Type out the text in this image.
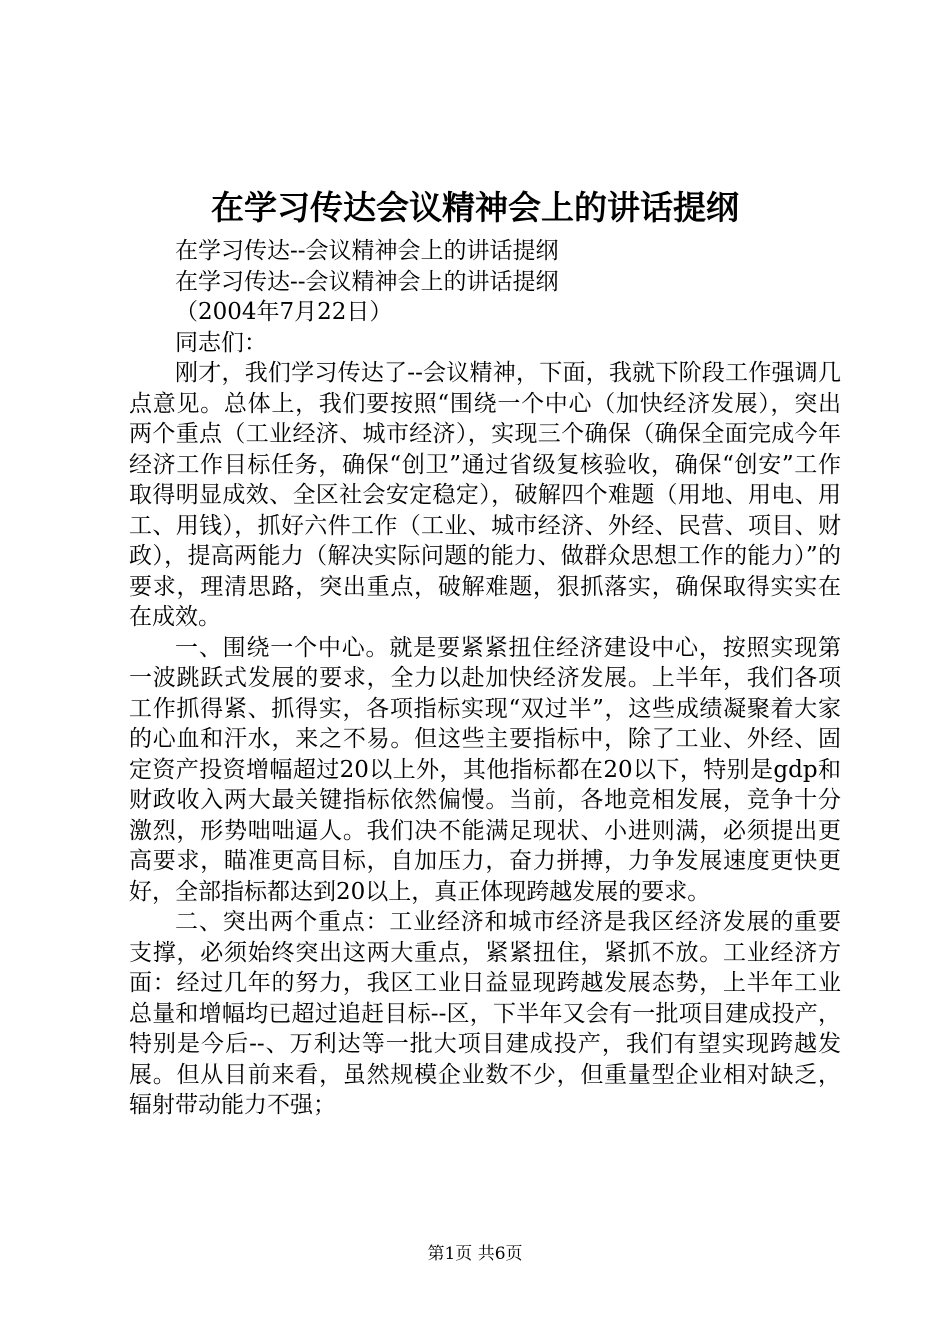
在学习传达会议精神会上的讲话提纲

在学习传达--会议精神会上的讲话提纲

在学习传达--会议精神会上的讲话提纲

（2004年7月22日）

同志们：

刚才，我们学习传达了--会议精神，下面，我就下阶段工作强调几点意见。总体上，我们要按照“围绕一个中心（加快经济发展），突出两个重点（工业经济、城市经济），实现三个确保（确保全面完成今年经济工作目标任务，确保“创卫”通过省级复核验收，确保“创安”工作取得明显成效、全区社会安定稳定），破解四个难题（用地、用电、用工、用钱），抓好六件工作（工业、城市经济、外经、民营、项目、财政），提高两能力（解决实际问题的能力、做群众思想工作的能力）”的要求，理清思路，突出重点，破解难题，狠抓落实，确保取得实实在在成效。

一、围绕一个中心。就是要紧紧扭住经济建设中心，按照实现第一波跳跃式发展的要求，全力以赴加快经济发展。上半年，我们各项工作抓得紧、抓得实，各项指标实现“双过半”，这些成绩凝聚着大家的心血和汗水，来之不易。但这些主要指标中，除了工业、外经、固定资产投资增幅超过20以上外，其他指标都在20以下，特别是gdp和财政收入两大最关键指标依然偏慢。当前，各地竞相发展，竞争十分激烈，形势咄咄逼人。我们决不能满足现状、小进则满，必须提出更高要求，瞄准更高目标，自加压力，奋力拼搏，力争发展速度更快更好，全部指标都达到20以上，真正体现跨越发展的要求。

二、突出两个重点：工业经济和城市经济是我区经济发展的重要支撑，必须始终突出这两大重点，紧紧扭住，紧抓不放。工业经济方面：经过几年的努力，我区工业日益显现跨越发展态势，上半年工业总量和增幅均已超过追赶目标--区，下半年又会有一批项目建成投产，特别是今后--、万利达等一批大项目建成投产，我们有望实现跨越发展。但从目前来看，虽然规模企业数不少，但重量型企业相对缺乏，辐射带动能力不强；

第1页 共6页
